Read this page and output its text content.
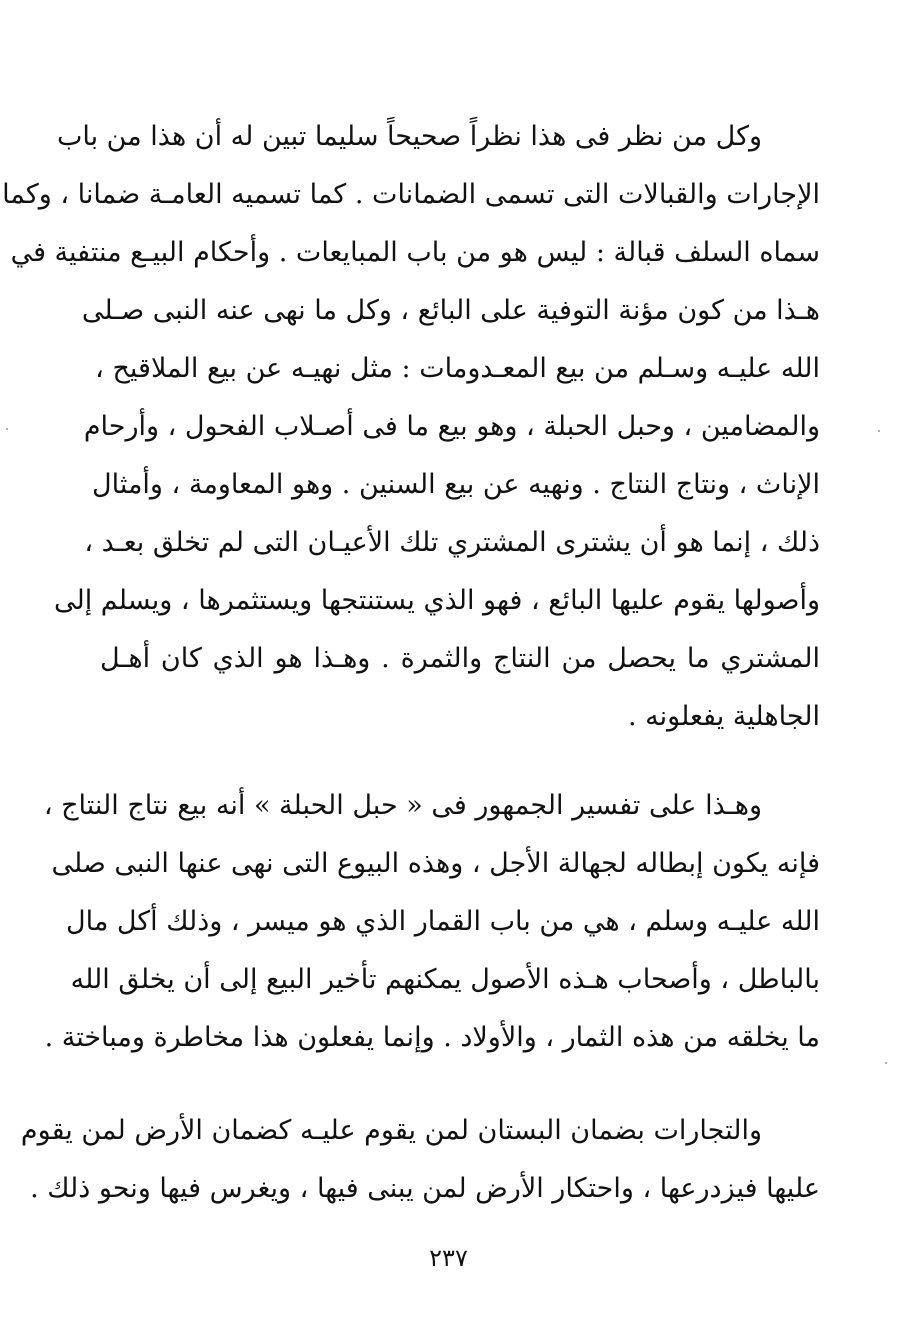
وكل من نظر فى هذا نظراً صحيحاً سليما تبين له أن هذا من باب
الإجارات والقبالات التى تسمى الضمانات . كما تسميه العامـة ضمانا ، وكما
سماه السلف قبالة : ليس هو من باب المبايعات . وأحكام البيـع منتفية في
هـذا من كون مؤنة التوفية على البائع ، وكل ما نهى عنه النبى صـلى
الله عليـه وسـلم من بيع المعـدومات : مثل نهيـه عن بيع الملاقيح ،
والمضامين ، وحبل الحبلة ، وهو بيع ما فى أصـلاب الفحول ، وأرحام
الإناث ، ونتاج النتاج . ونهيه عن بيع السنين . وهو المعاومة ، وأمثال
ذلك ، إنما هو أن يشترى المشتري تلك الأعيـان التى لم تخلق بعـد ،
وأصولها يقوم عليها البائع ، فهو الذي يستنتجها ويستثمرها ، ويسلم إلى
المشتري ما يحصل من النتاج والثمرة . وهـذا هو الذي كان أهـل
الجاهلية يفعلونه .
وهـذا على تفسير الجمهور فى « حبل الحبلة » أنه بيع نتاج النتاج ،
فإنه يكون إبطاله لجهالة الأجل ، وهذه البيوع التى نهى عنها النبى صلى
الله عليـه وسلم ، هي من باب القمار الذي هو ميسر ، وذلك أكل مال
بالباطل ، وأصحاب هـذه الأصول يمكنهم تأخير البيع إلى أن يخلق الله
ما يخلقه من هذه الثمار ، والأولاد . وإنما يفعلون هذا مخاطرة ومباختة .
والتجارات بضمان البستان لمن يقوم عليـه كضمان الأرض لمن يقوم
عليها فيزدرعها ، واحتكار الأرض لمن يبنى فيها ، ويغرس فيها ونحو ذلك .
٢٣٧
